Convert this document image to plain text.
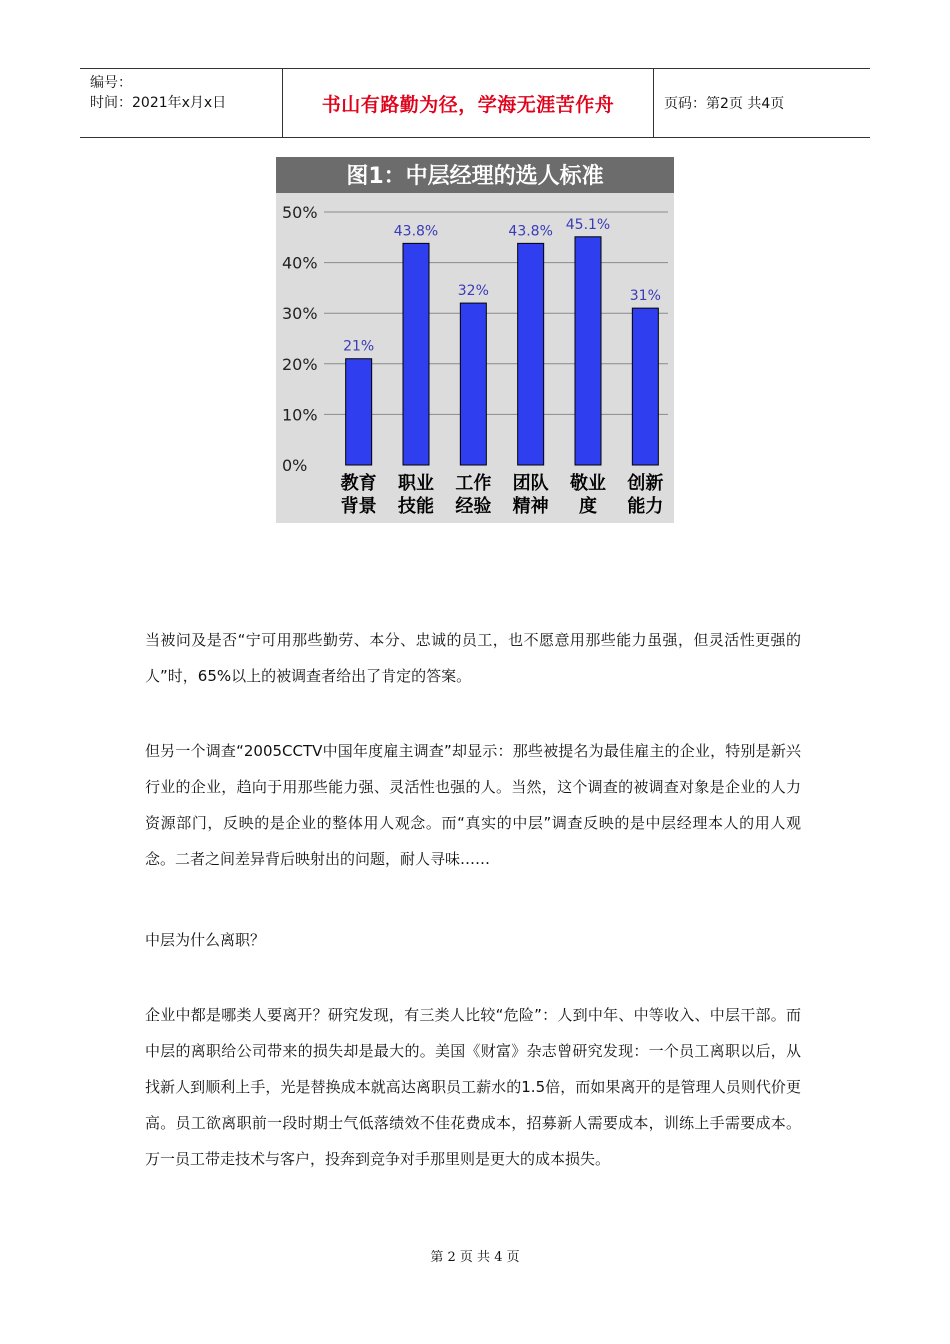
编号：
时间：2021年x月x日	书山有路勤为径，学海无涯苦作舟	页码：第2页 共4页
图1：中层经理的选人标准
0%
10%
20%
30%
40%
50%
21%
教育
背景
43.8%
职业
技能
32%
工作
经验
43.8%
团队
精神
45.1%
敬业
度
31%
创新
能力

当被问及是否“宁可用那些勤劳、本分、忠诚的员工，也不愿意用那些能力虽强，但灵活性更强的人”时，65%以上的被调查者给出了肯定的答案。

但另一个调查“2005CCTV中国年度雇主调查”却显示：那些被提名为最佳雇主的企业，特别是新兴行业的企业，趋向于用那些能力强、灵活性也强的人。当然，这个调查的被调查对象是企业的人力资源部门，反映的是企业的整体用人观念。而“真实的中层”调查反映的是中层经理本人的用人观念。二者之间差异背后映射出的问题，耐人寻味……

中层为什么离职？

企业中都是哪类人要离开？研究发现，有三类人比较“危险”：人到中年、中等收入、中层干部。而中层的离职给公司带来的损失却是最大的。美国《财富》杂志曾研究发现：一个员工离职以后，从找新人到顺利上手，光是替换成本就高达离职员工薪水的1.5倍，而如果离开的是管理人员则代价更高。员工欲离职前一段时期士气低落绩效不佳花费成本，招募新人需要成本，训练上手需要成本。万一员工带走技术与客户，投奔到竞争对手那里则是更大的成本损失。

第 2 页 共 4 页
